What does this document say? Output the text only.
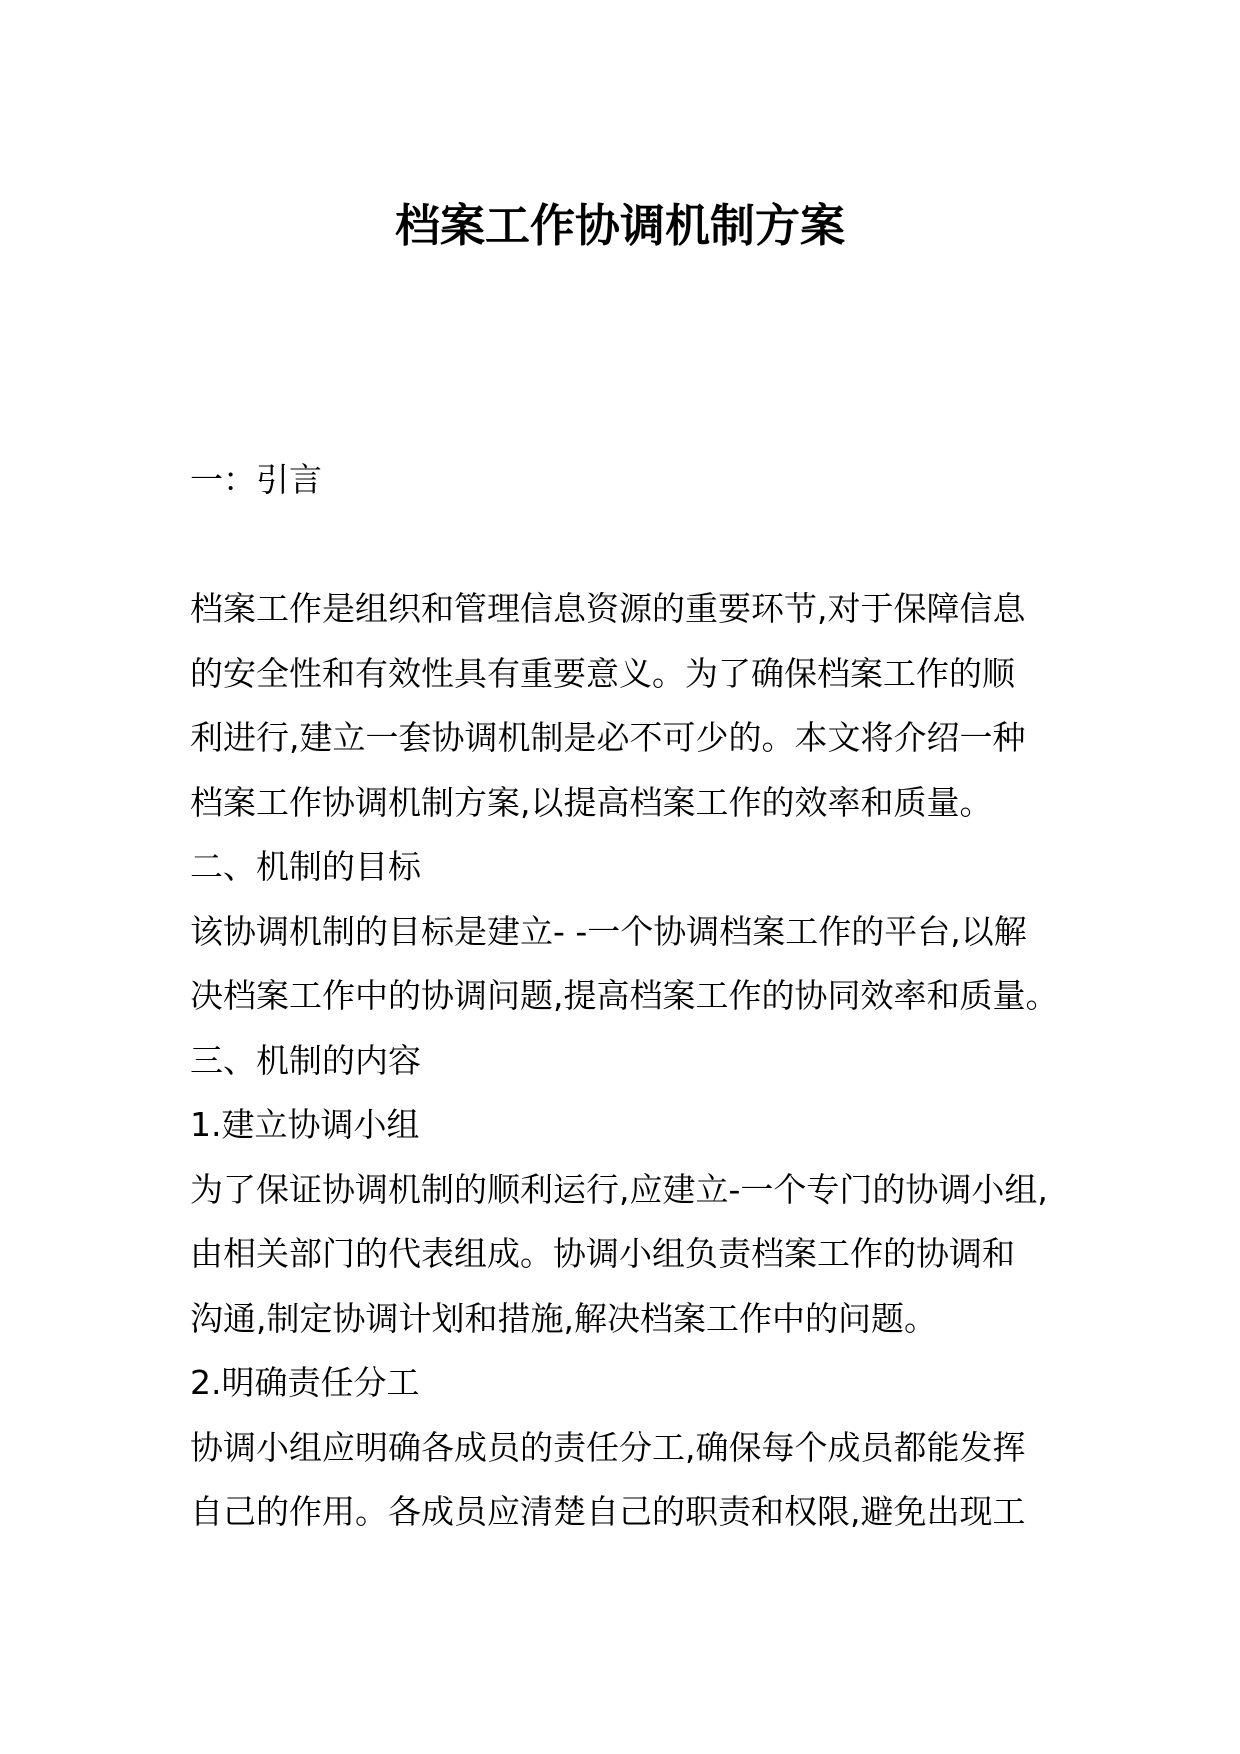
档案工作协调机制方案

一：引言

档案工作是组织和管理信息资源的重要环节,对于保障信息

的安全性和有效性具有重要意义。为了确保档案工作的顺

利进行,建立一套协调机制是必不可少的。本文将介绍一种

档案工作协调机制方案,以提高档案工作的效率和质量。

二、机制的目标

该协调机制的目标是建立- -一个协调档案工作的平台,以解

决档案工作中的协调问题,提高档案工作的协同效率和质量。

三、机制的内容

1.建立协调小组

为了保证协调机制的顺利运行,应建立-一个专门的协调小组,

由相关部门的代表组成。协调小组负责档案工作的协调和

沟通,制定协调计划和措施,解决档案工作中的问题。

2.明确责任分工

协调小组应明确各成员的责任分工,确保每个成员都能发挥

自己的作用。各成员应清楚自己的职责和权限,避免出现工
